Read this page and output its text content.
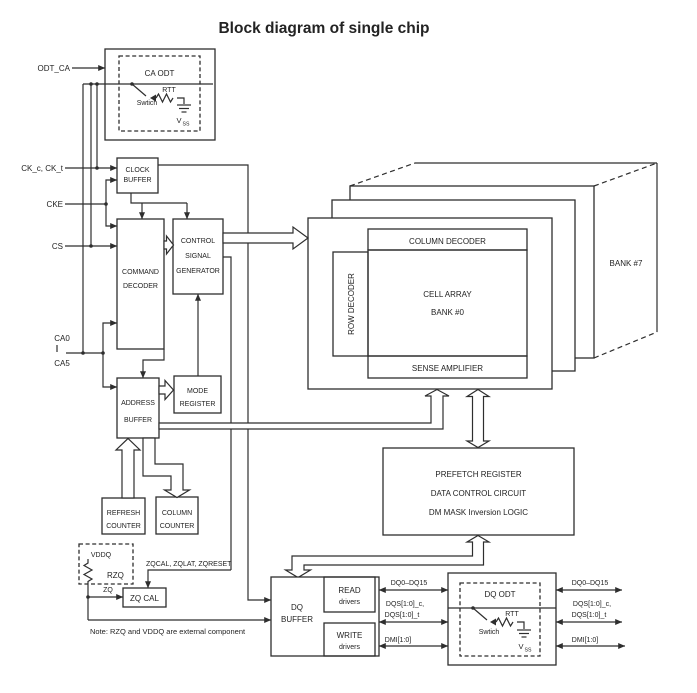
Block diagram of single chip
BANK #7
COLUMN DECODER
ROW DECODER	CELL ARRAY
BANK #0
SENSE AMPLIFIER
CA ODT
RTT
Swtich
V SS
ODT_CA
CK_c, CK_t
CKE
CS
CA0
CA5
CLOCK
BUFFER
COMMAND
DECODER
CONTROL
SIGNAL
GENERATOR
MODE
REGISTER
ADDRESS
BUFFER
REFRESH
COUNTER
COLUMN
COUNTER
PREFETCH REGISTER
DATA CONTROL CIRCUIT
DM MASK Inversion LOGIC
ZQCAL, ZQLAT, ZQRESET
VDDQ
RZQ
ZQ
ZQ CAL
Note: RZQ and VDDQ are external component
DQ
BUFFER
READ
drivers
WRITE
drivers
DQ ODT
RTT
Swtich
V SS
DQ0–DQ15
DQS[1:0]_c,
DQS[1:0]_t
DMI[1:0]
DQ0–DQ15
DQS[1:0]_c,
DQS[1:0]_t
DMI[1:0]
